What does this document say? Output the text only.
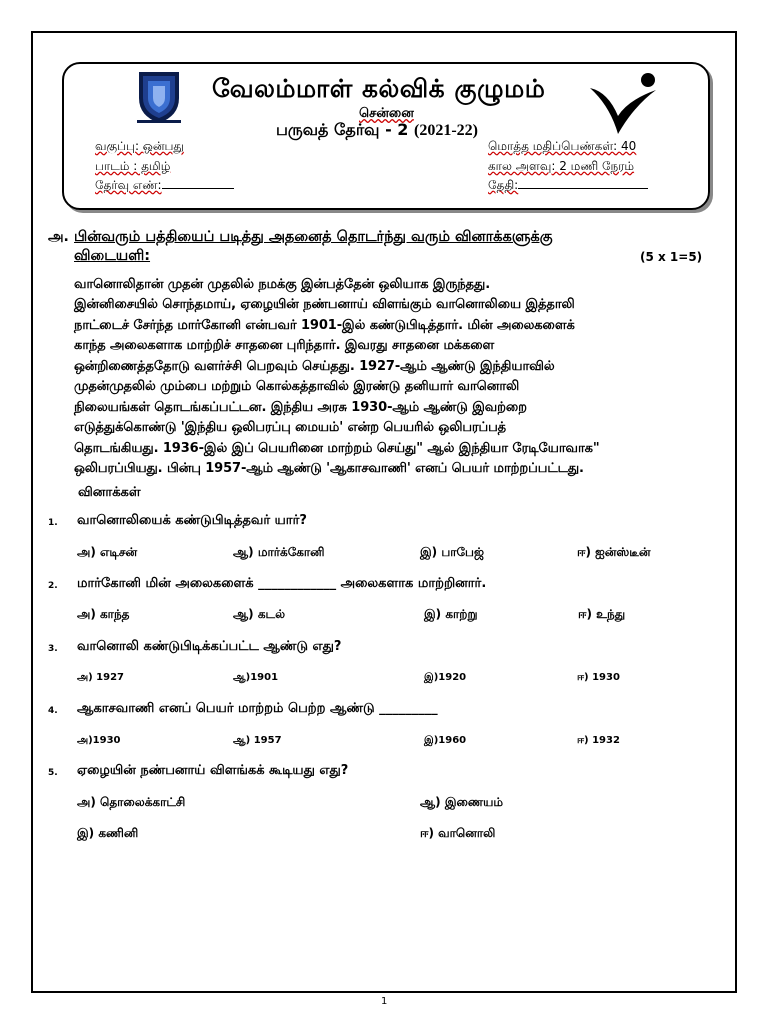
வேலம்மாள் கல்விக் குழுமம்
சென்னை
பருவத் தேர்வு - 2 (2021-22)
வகுப்பு: ஒன்பது
பாடம் : தமிழ்
தேர்வு எண்:
மொத்த மதிப்பெண்கள்: 40
கால அளவு: 2 மணி நேரம்
தேதி:
அ. பின்வரும் பத்தியைப் படித்து அதனைத் தொடர்ந்து வரும் வினாக்களுக்கு
விடையளி:	(5 x 1=5)
வானொலிதான் முதன் முதலில் நமக்கு இன்பத்தேன் ஒலியாக இருந்தது.
இன்னிசையில் சொந்தமாய், ஏழையின் நண்பனாய் விளங்கும் வானொலியை இத்தாலி
நாட்டைச் சேர்ந்த மார்கோனி என்பவர் 1901-இல் கண்டுபிடித்தார். மின் அலைகளைக்
காந்த அலைகளாக மாற்றிச் சாதனை புரிந்தார். இவரது சாதனை மக்களை
ஒன்றிணைத்ததோடு வளர்ச்சி பெறவும் செய்தது. 1927-ஆம் ஆண்டு இந்தியாவில்
முதன்முதலில் மும்பை மற்றும் கொல்கத்தாவில் இரண்டு தனியார் வானொலி
நிலையங்கள் தொடங்கப்பட்டன. இந்திய அரசு 1930-ஆம் ஆண்டு இவற்றை
எடுத்துக்கொண்டு 'இந்திய ஒலிபரப்பு மையம்' என்ற பெயரில் ஒலிபரப்பத்
தொடங்கியது. 1936-இல் இப் பெயரினை மாற்றம் செய்து" ஆல் இந்தியா ரேடியோவாக"
ஒலிபரப்பியது. பின்பு 1957-ஆம் ஆண்டு 'ஆகாசவாணி' எனப் பெயர் மாற்றப்பட்டது.
வினாக்கள்
1. வானொலியைக் கண்டுபிடித்தவர் யார்?
அ) எடிசன்	ஆ) மார்க்கோனி	இ) பாபேஜ்	ஈ) ஐன்ஸ்டீன்
2. மார்கோனி மின் அலைகளைக் ____________ அலைகளாக மாற்றினார்.
அ) காந்த	ஆ) கடல்	இ) காற்று	ஈ) உந்து
3. வானொலி கண்டுபிடிக்கப்பட்ட ஆண்டு எது?
அ) 1927	ஆ)1901	இ)1920	ஈ) 1930
4. ஆகாசவாணி எனப் பெயர் மாற்றம் பெற்ற ஆண்டு _________
அ)1930	ஆ) 1957	இ)1960	ஈ) 1932
5. ஏழையின் நண்பனாய் விளங்கக் கூடியது எது?
அ) தொலைக்காட்சி	ஆ) இணையம்
இ) கணினி	ஈ) வானொலி
1
